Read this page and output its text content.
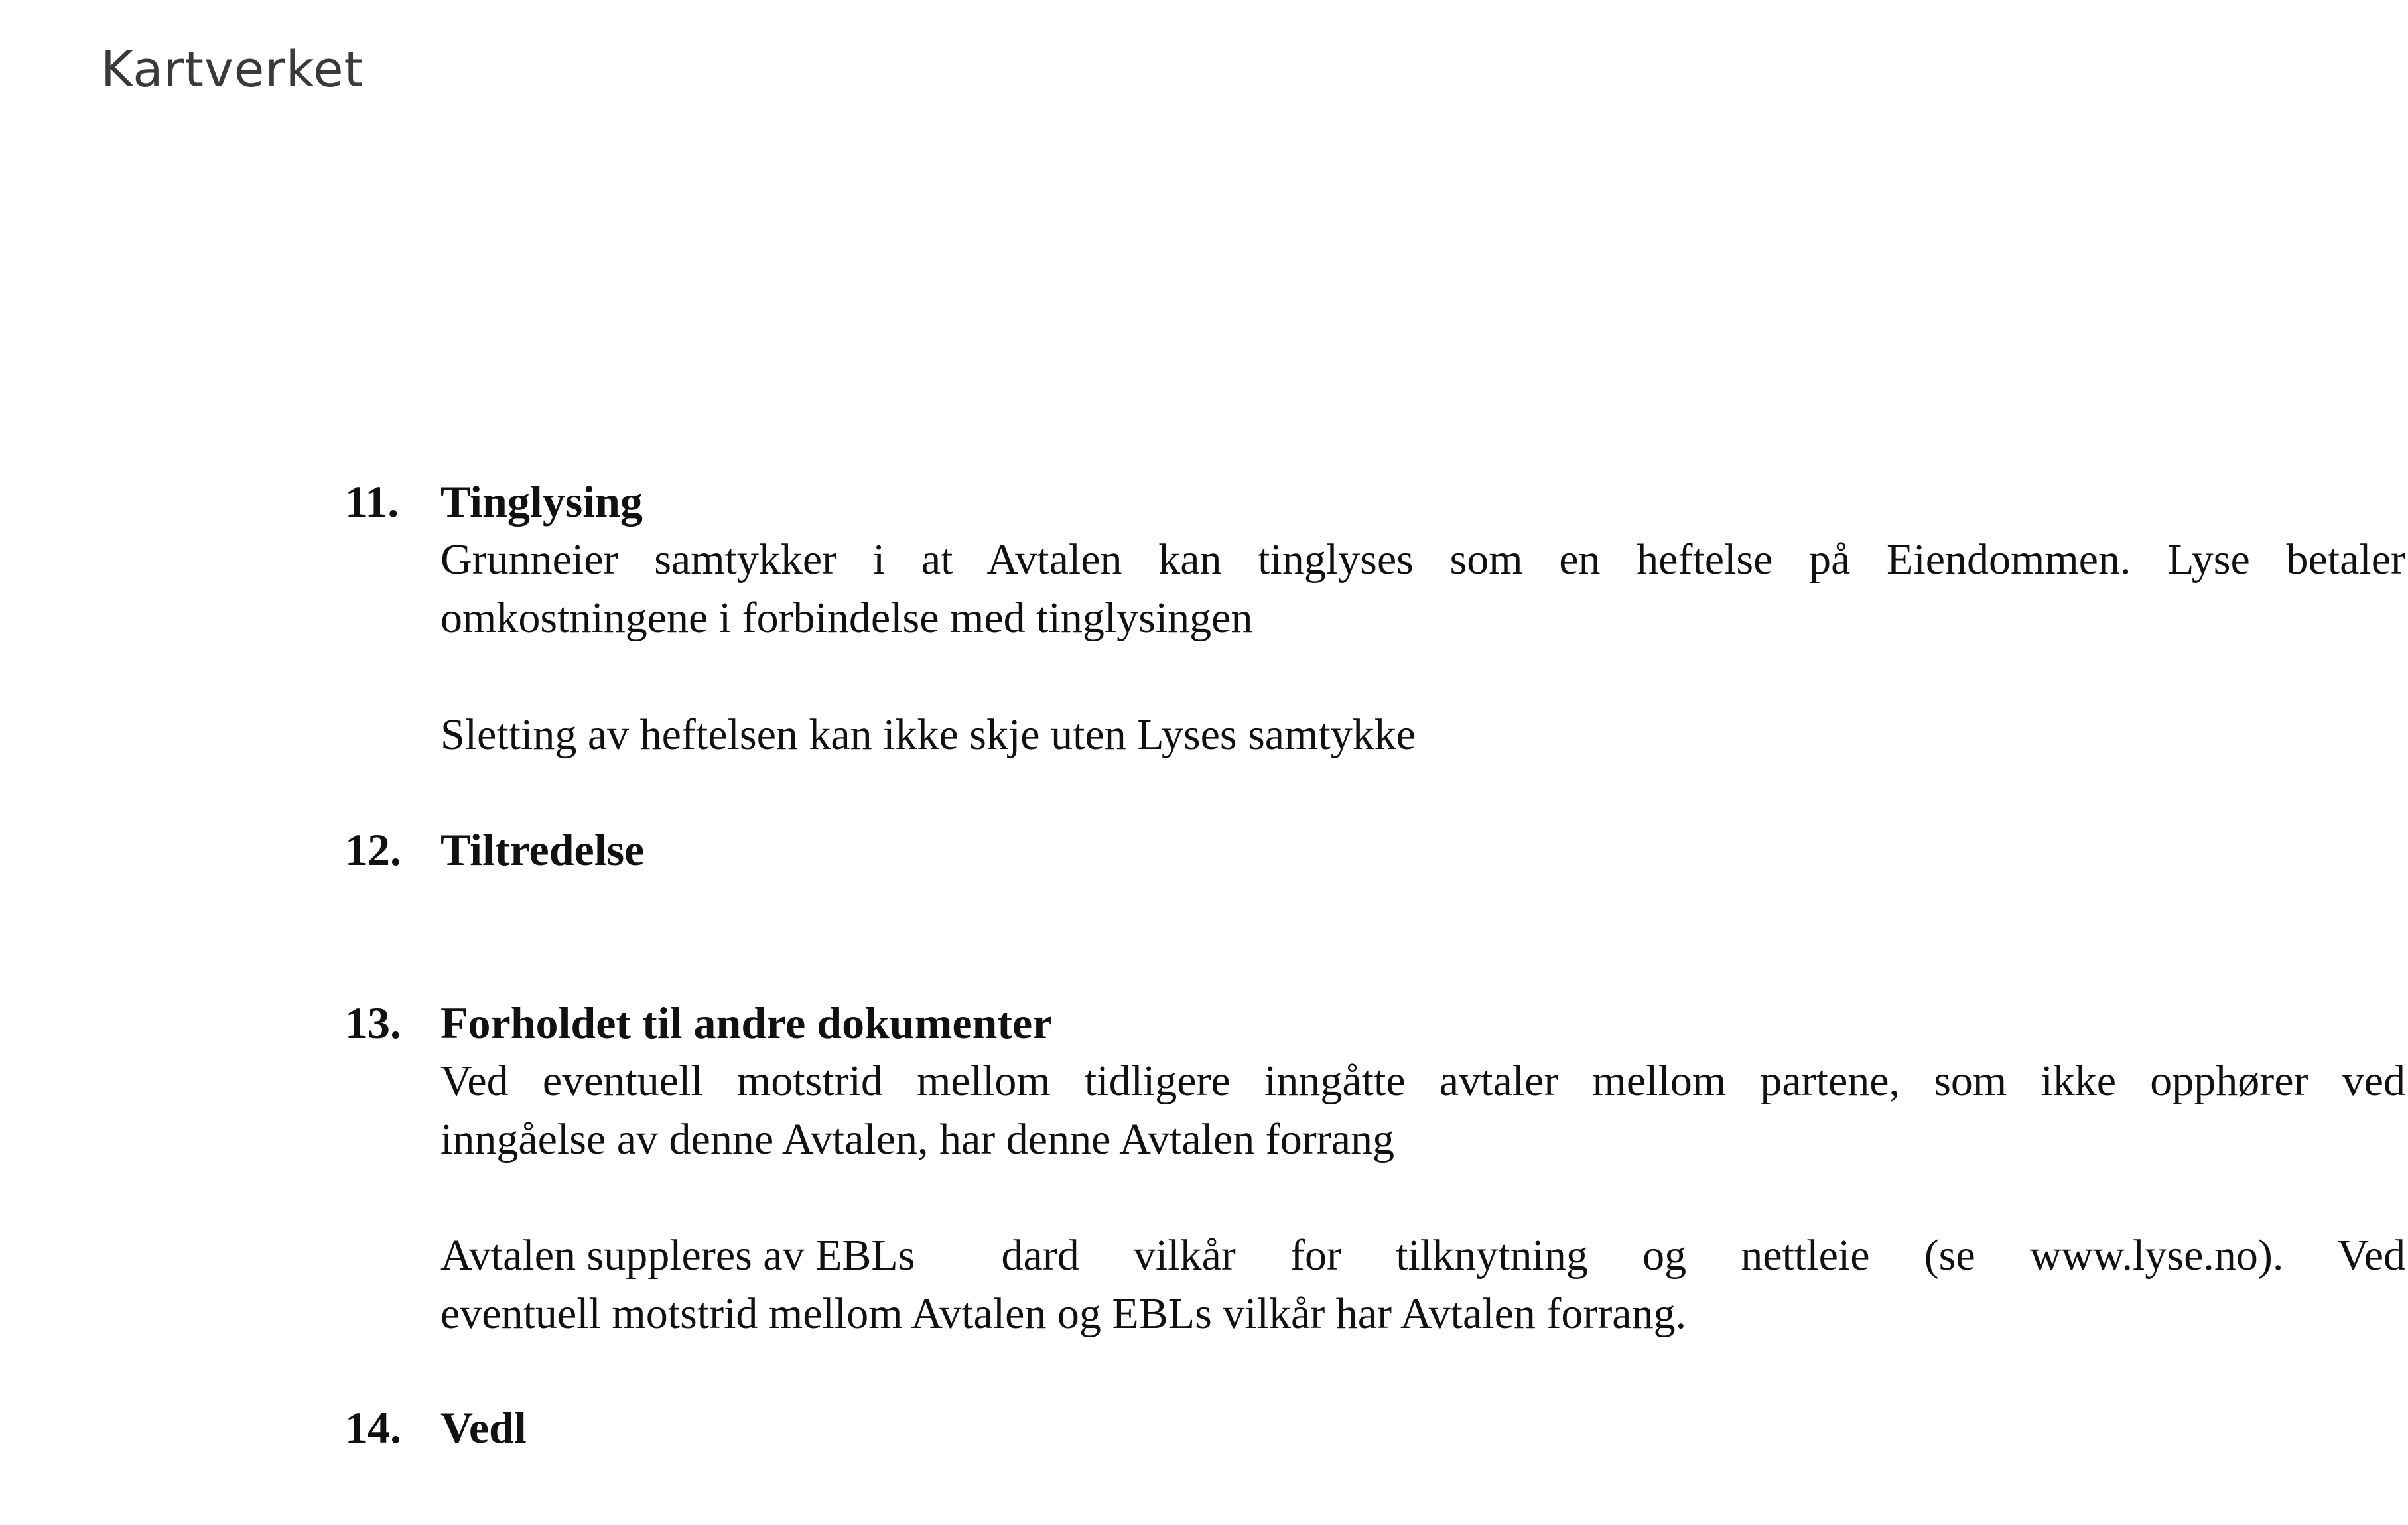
Kartverket
11. Tinglysing
Grunneier samtykker i at Avtalen kan tinglyses som en heftelse på Eiendommen. Lyse betaler
omkostningene i forbindelse med tinglysingen
Sletting av heftelsen kan ikke skje uten Lyses samtykke
12. Tiltredelse
13. Forholdet til andre dokumenter
Ved eventuell motstrid mellom tidligere inngåtte avtaler mellom partene, som ikke opphører ved
inngåelse av denne Avtalen, har denne Avtalen forrang
Avtalen suppleres av EBLs dard vilkår for tilknytning og nettleie (se www.lyse.no). Ved
eventuell motstrid mellom Avtalen og EBLs vilkår har Avtalen forrang.
14. Vedl
